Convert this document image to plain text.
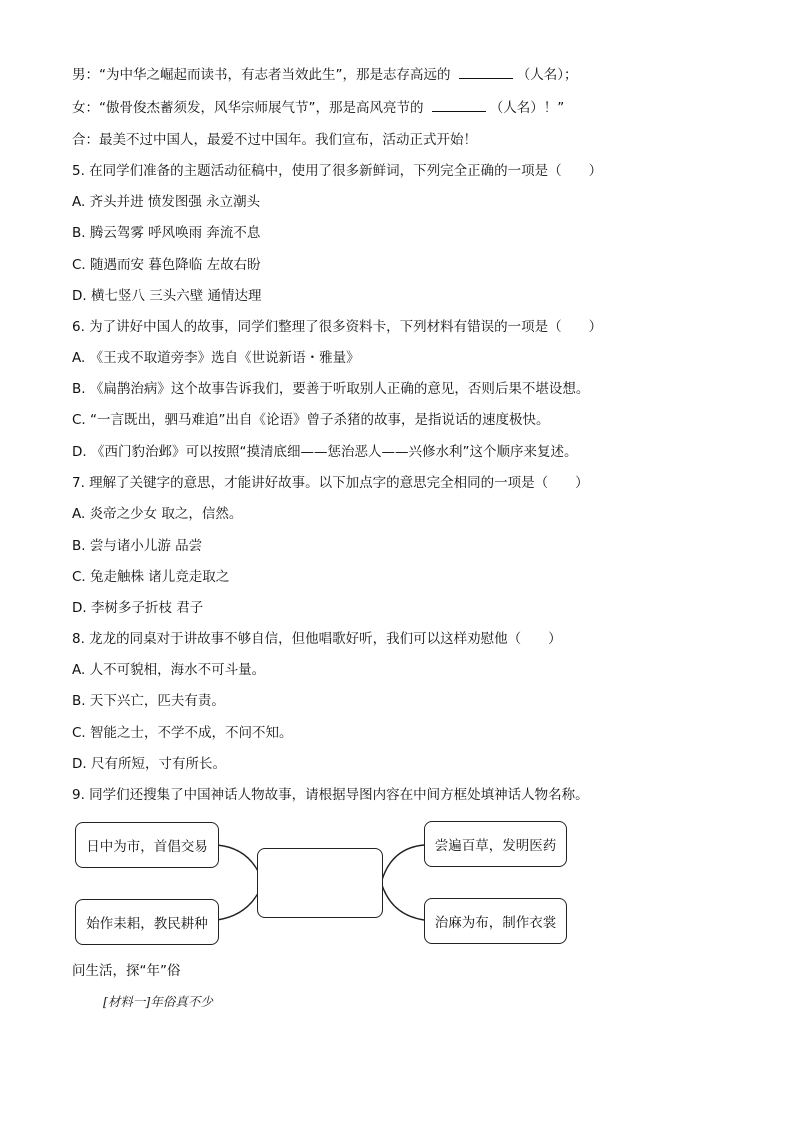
男：“为中华之崛起而读书，有志者当效此生”，那是志存高远的	（人名）；
女：“傲骨俊杰蓄须发，风华宗师展气节”，那是高风亮节的	（人名）！”
合：最美不过中国人，最爱不过中国年。我们宣布，活动正式开始！
5. 在同学们准备的主题活动征稿中，使用了很多新鲜词，下列完全正确的一项是（　　）
A. 齐头并进 愤发图强 永立潮头
B. 腾云驾雾 呼风唤雨 奔流不息
C. 随遇而安 暮色降临 左故右盼
D. 横七竖八 三头六壁 通情达理
6. 为了讲好中国人的故事，同学们整理了很多资料卡，下列材料有错误的一项是（　　）
A. 《王戎不取道旁李》选自《世说新语・雅量》
B. 《扁鹊治病》这个故事告诉我们，要善于听取别人正确的意见，否则后果不堪设想。
C. “一言既出，驷马难追”出自《论语》曾子杀猪的故事，是指说话的速度极快。
D. 《西门豹治邺》可以按照“摸清底细——惩治恶人——兴修水利”这个顺序来复述。
7. 理解了关键字的意思，才能讲好故事。以下加点字的意思完全相同的一项是（　　）
A. 炎帝之少女 取之，信然。
B. 尝与诸小儿游 品尝
C. 兔走触株 诸儿竞走取之
D. 李树多子折枝 君子
8. 龙龙的同桌对于讲故事不够自信，但他唱歌好听，我们可以这样劝慰他（　　）
A. 人不可貌相，海水不可斗量。
B. 天下兴亡，匹夫有责。
C. 智能之士，不学不成，不问不知。
D. 尺有所短，寸有所长。
9. 同学们还搜集了中国神话人物故事，请根据导图内容在中间方框处填神话人物名称。
日中为市，首倡交易
始作耒耜，教民耕种
尝遍百草，发明医药
治麻为布，制作衣裳
问生活，探“年”俗
[材料一]年俗真不少
